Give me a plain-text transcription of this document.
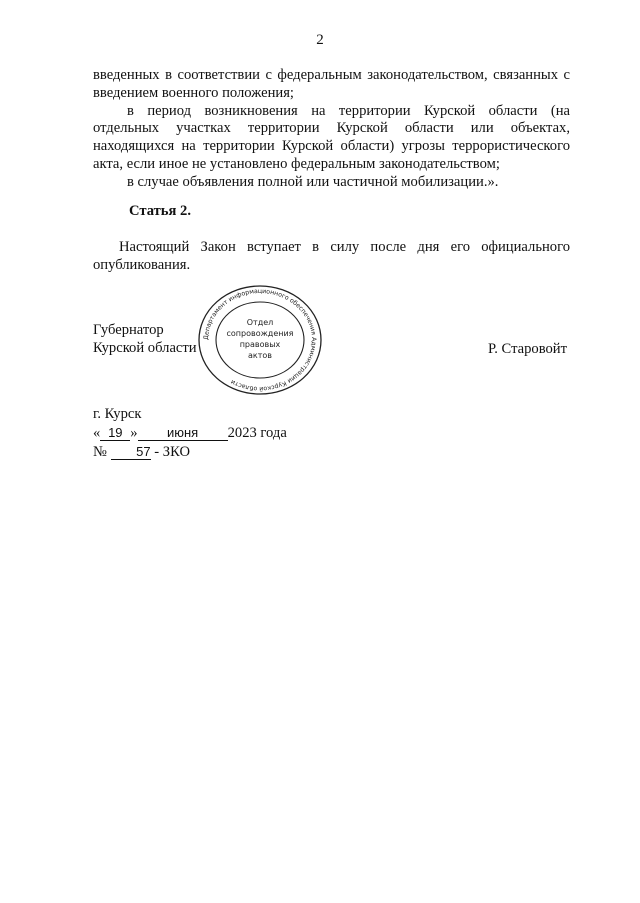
2

введенных в соответствии с федеральным законодательством, связанных с введением военного положения;

в период возникновения на территории Курской области (на отдельных участках территории Курской области или объектах, находящихся на территории Курской области) угрозы террористического акта, если иное не установлено федеральным законодательством;

в случае объявления полной или частичной мобилизации.».

Статья 2.

Настоящий Закон вступает в силу после дня его официального опубликования.

Губернатор
Курской области
Департамент информационного обеспечения Администрации Курской области
Отдел
сопровождения
правовых
актов	Р. Старовойт
г. Курск
« 19 » июня 2023 года
№ 57 - ЗКО
